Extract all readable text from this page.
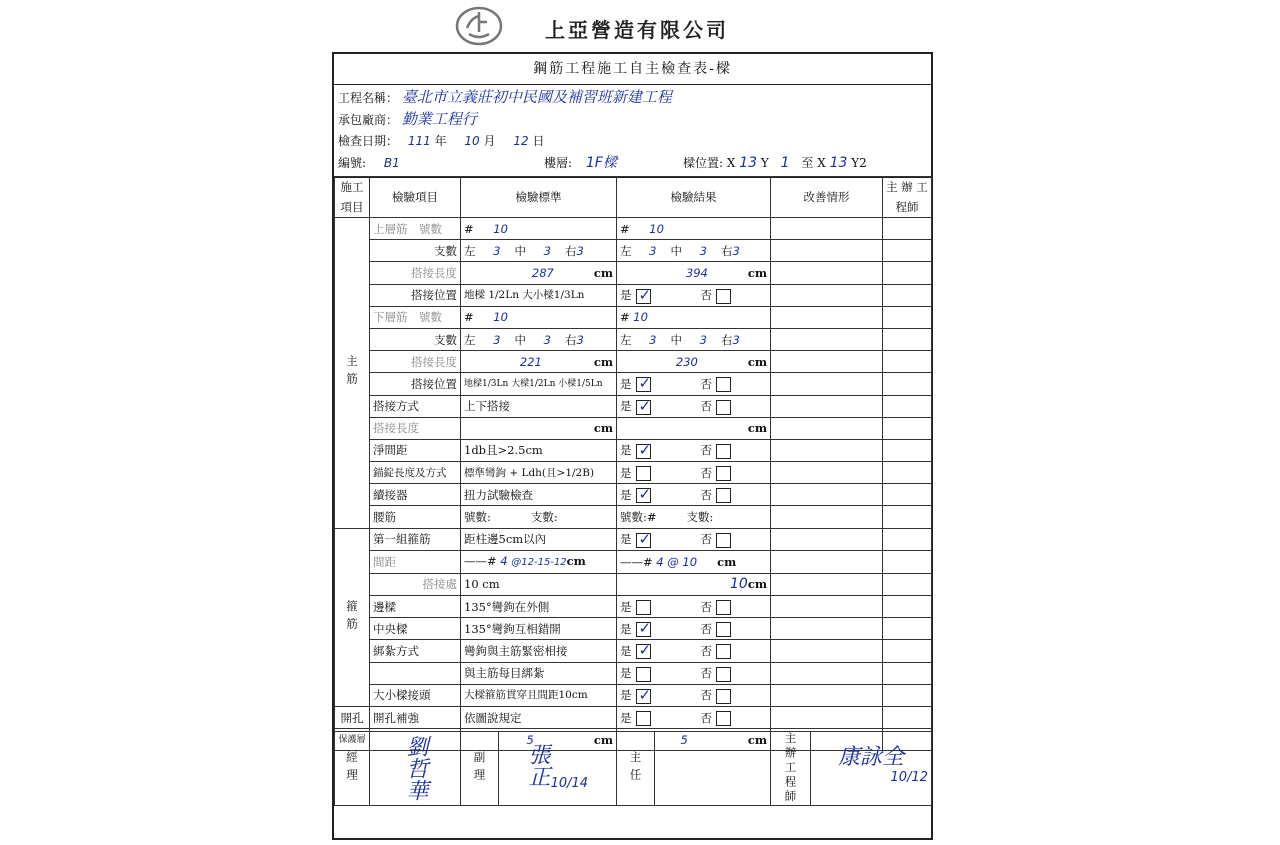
上亞營造有限公司
鋼筋工程施工自主檢查表-樑
工程名稱： 臺北市立義莊初中民國及補習班新建工程
承包廠商： 勤業工程行
檢查日期： 111 年 10 月 12 日
編號: B1	樓層: 1F樑	樑位置: X 13 Y 1 至 X 13 Y2
施工項目	檢驗項目	檢驗標準	檢驗結果	改善情形	主 辦 工程師

主筋	上層筋　號數	# 10	# 10		
	支數	左 3 中 3 右3	左 3 中 3 右3		
	搭接長度	287 cm	394 cm		
	搭接位置	地樑 1/2Ln 大小樑1/3Ln	是 ✓ 否		
	下層筋　號數	# 10	# 10		
	支數	左 3 中 3 右3	左 3 中 3 右3		
	搭接長度	221 cm	230 cm		
	搭接位置	地樑1/3Ln 大樑1/2Ln 小樑1/5Ln	是 ✓ 否		
	搭接方式	上下搭接	是 ✓ 否		
	搭接長度	cm	cm		
	淨間距	1db且>2.5cm	是 ✓ 否		
	錨錠長度及方式	標準彎鉤 + Ldh(且>1/2B)	是 否		
	續接器	扭力試驗檢查	是 ✓ 否		
	腰筋	號數: 支數:	號數:# 支數:		

箍筋	第一組箍筋	距柱邊5cm以內	是 ✓ 否		
	間距	——# 4 @12-15-12cm	——# 4 @ 10 cm		
	搭接處	10 cm	10cm		
	邊樑	135°彎鉤在外側	是 否		
	中央樑	135°彎鉤互相錯開	是 ✓ 否		
	綁紮方式	彎鉤與主筋緊密相接	是 ✓ 否		
		與主筋每目綁紮	是 否		
	大小樑接頭	大樑箍筋貫穿且間距10cm	是 ✓ 否		
開孔	開孔補強	依圖說規定	是 否		
保護層		5 cm	5 cm		
經理	劉哲華	副理	張正 10/14	主任		主辦工程師	康詠全
10/12
